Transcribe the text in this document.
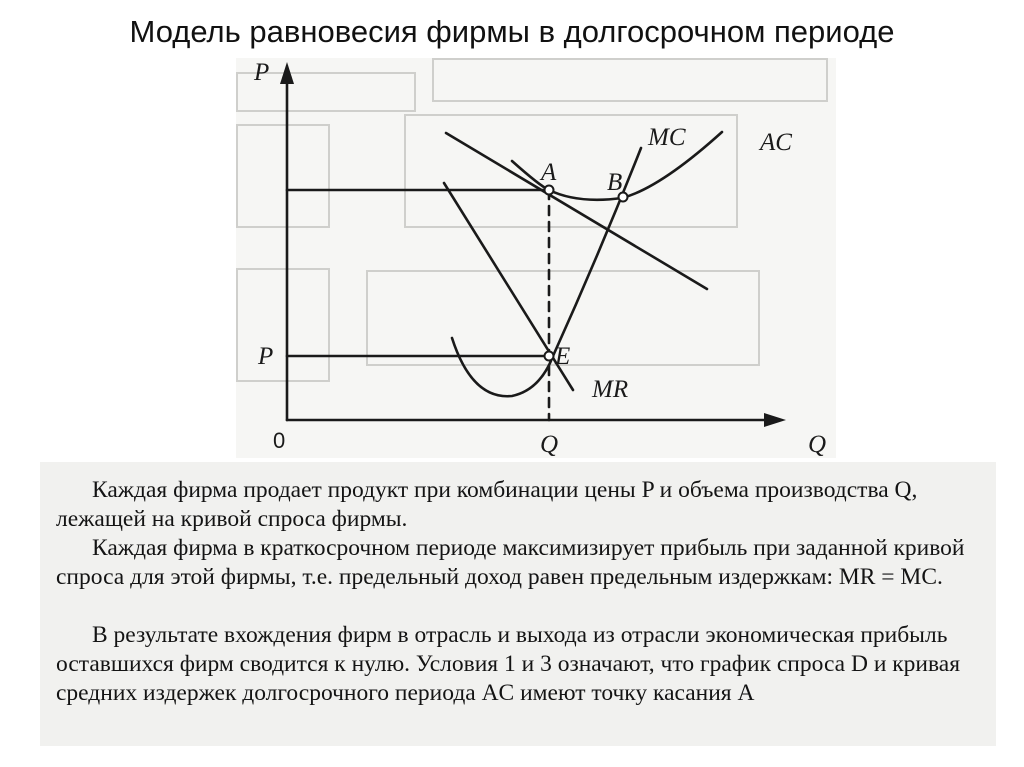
Модель равновесия фирмы в долгосрочном периоде
P
P
A B
E
MC	AC
MR
Q	Q
0

Каждая фирма продает продукт при комбинации цены P и объема производства Q, лежащей на кривой спроса фирмы.

Каждая фирма в краткосрочном периоде максимизирует прибыль при заданной кривой спроса для этой фирмы, т.е. предельный доход равен предельным издержкам: MR = MC.

В результате вхождения фирм в отрасль и выхода из отрасли экономическая прибыль оставшихся фирм сводится к нулю. Условия 1 и 3 означают, что график спроса D и кривая средних издержек долгосрочного периода AC имеют точку касания A
